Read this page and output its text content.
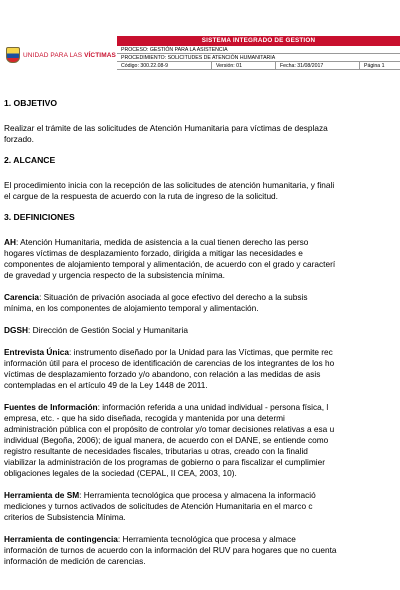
UNIDAD PARA LAS VÍCTIMAS
SISTEMA INTEGRADO DE GESTION
PROCESO: GESTIÓN PARA LA ASISTENCIA
PROCEDIMIENTO: SOLICITUDES DE ATENCIÓN HUMANITARIA
Código: 300.22.08-9	Versión: 01	Fecha: 31/08/2017	Página 1

1. OBJETIVO

Realizar el trámite de las solicitudes de Atención Humanitaria para víctimas de desplaza

forzado.

2. ALCANCE

El procedimiento inicia con la recepción de las solicitudes de atención humanitaria, y finali

el cargue de la respuesta de acuerdo con la ruta de ingreso de la solicitud.

3. DEFINICIONES

AH: Atención Humanitaria, medida de asistencia a la cual tienen derecho las perso

hogares víctimas de desplazamiento forzado, dirigida a mitigar las necesidades e

componentes de alojamiento temporal y alimentación, de acuerdo con el grado y caracterí

de gravedad y urgencia respecto de la subsistencia mínima.

Carencia: Situación de privación asociada al goce efectivo del derecho a la subsis

mínima, en los componentes de alojamiento temporal y alimentación.

DGSH: Dirección de Gestión Social y Humanitaria

Entrevista Única: instrumento diseñado por la Unidad para las Víctimas, que permite rec

información útil para el proceso de identificación de carencias de los integrantes de los ho

víctimas de desplazamiento forzado y/o abandono, con relación a las medidas de asis

contempladas en el artículo 49 de la Ley 1448 de 2011.

Fuentes de Información: información referida a una unidad individual - persona física, l

empresa, etc. - que ha sido diseñada, recogida y mantenida por una determi

administración pública con el propósito de controlar y/o tomar decisiones relativas a esa u

individual (Begoña, 2006); de igual manera, de acuerdo con el DANE, se entiende como

registro resultante de necesidades fiscales, tributarias u otras, creado con la finalid

viabilizar la administración de los programas de gobierno o para fiscalizar el cumplimier

obligaciones legales de la sociedad (CEPAL, II CEA, 2003, 10).

Herramienta de SM: Herramienta tecnológica que procesa y almacena la informació

mediciones y turnos activados de solicitudes de Atención Humanitaria en el marco c

criterios de Subsistencia Mínima.

Herramienta de contingencia: Herramienta tecnológica que procesa y almace

información de turnos de acuerdo con la información del RUV para hogares que no cuenta

información de medición de carencias.
